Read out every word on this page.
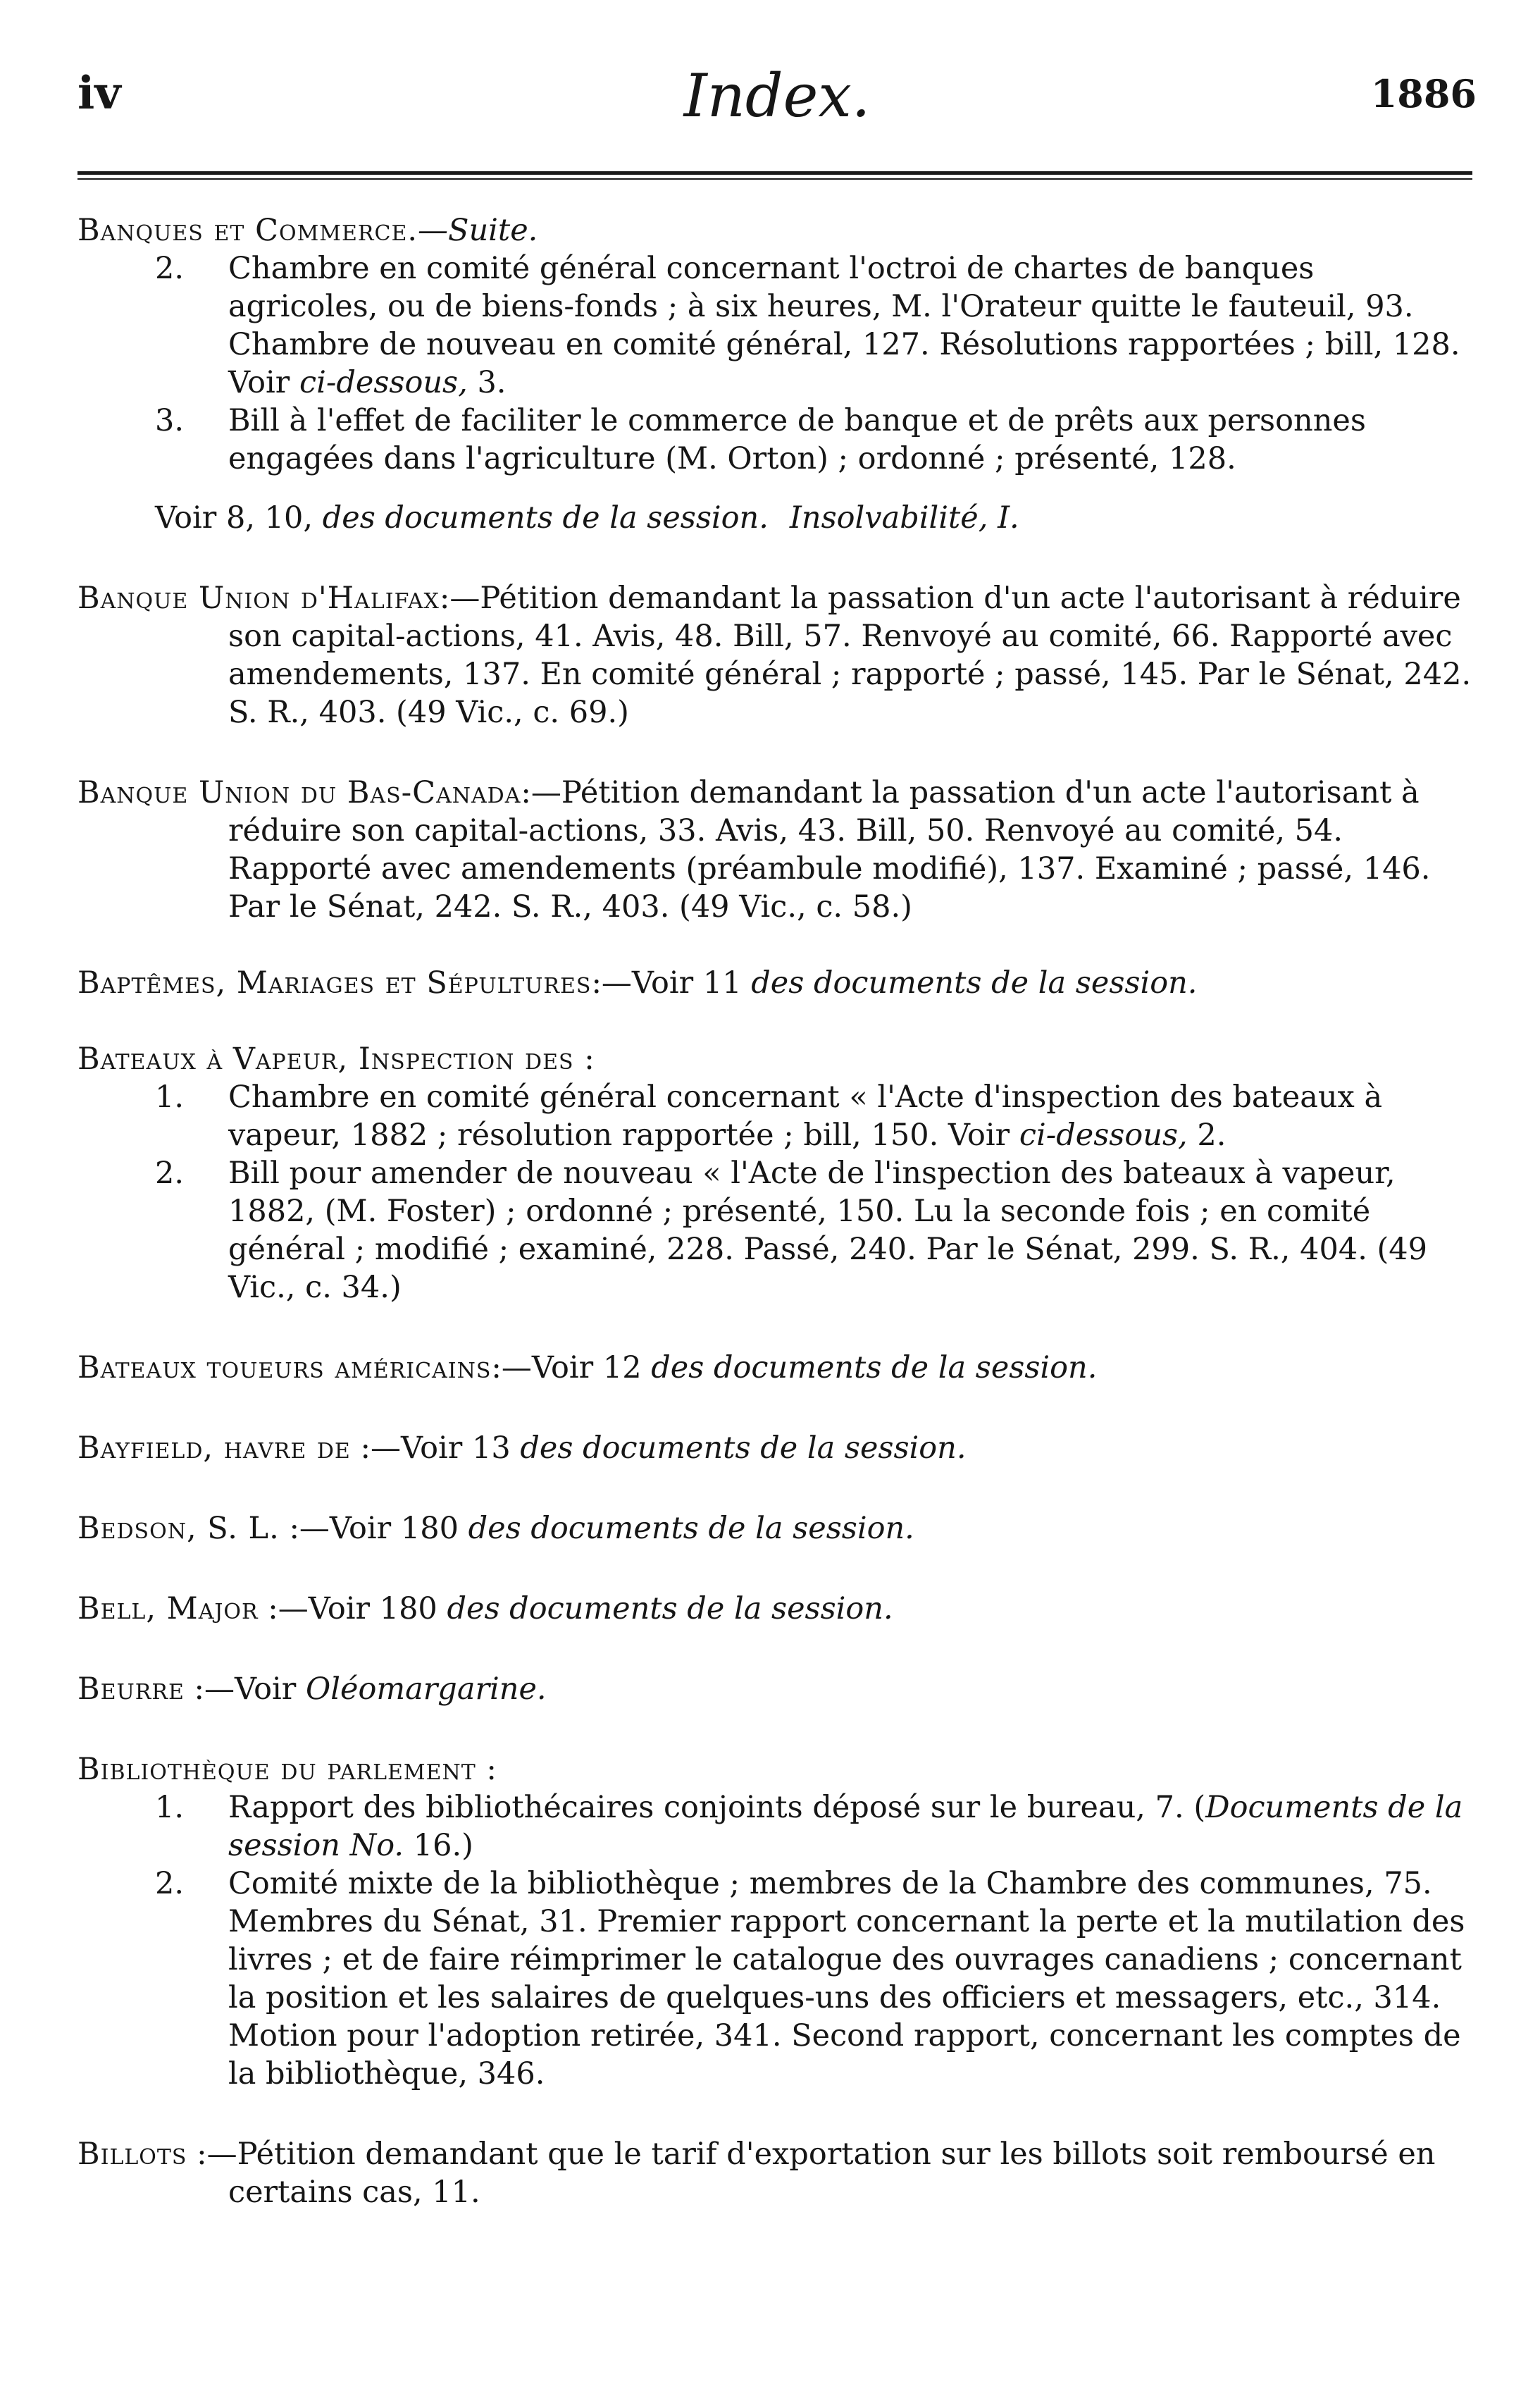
iv	Index.	1886

Banques et Commerce.—Suite.

2. Chambre en comité général concernant l'octroi de chartes de banques agricoles, ou de biens-fonds ; à six heures, M. l'Orateur quitte le fauteuil, 93. Chambre de nouveau en comité général, 127. Résolutions rapportées ; bill, 128. Voir ci-dessous, 3.

3. Bill à l'effet de faciliter le commerce de banque et de prêts aux personnes engagées dans l'agriculture (M. Orton) ; ordonné ; présenté, 128.

Voir 8, 10, des documents de la session. Insolvabilité, I.

Banque Union d'Halifax:—Pétition demandant la passation d'un acte l'autorisant à réduire son capital-actions, 41. Avis, 48. Bill, 57. Renvoyé au comité, 66. Rapporté avec amendements, 137. En comité général ; rapporté ; passé, 145. Par le Sénat, 242. S. R., 403. (49 Vic., c. 69.)

Banque Union du Bas-Canada:—Pétition demandant la passation d'un acte l'autorisant à réduire son capital-actions, 33. Avis, 43. Bill, 50. Renvoyé au comité, 54. Rapporté avec amendements (préambule modifié), 137. Examiné ; passé, 146. Par le Sénat, 242. S. R., 403. (49 Vic., c. 58.)

Baptêmes, Mariages et Sépultures:—Voir 11 des documents de la session.

Bateaux à Vapeur, Inspection des :

1. Chambre en comité général concernant « l'Acte d'inspection des bateaux à vapeur, 1882 ; résolution rapportée ; bill, 150. Voir ci-dessous, 2.

2. Bill pour amender de nouveau « l'Acte de l'inspection des bateaux à vapeur, 1882, (M. Foster) ; ordonné ; présenté, 150. Lu la seconde fois ; en comité général ; modifié ; examiné, 228. Passé, 240. Par le Sénat, 299. S. R., 404. (49 Vic., c. 34.)

Bateaux toueurs américains:—Voir 12 des documents de la session.

Bayfield, havre de :—Voir 13 des documents de la session.

Bedson, S. L. :—Voir 180 des documents de la session.

Bell, Major :—Voir 180 des documents de la session.

Beurre :—Voir Oléomargarine.

Bibliothèque du parlement :

1. Rapport des bibliothécaires conjoints déposé sur le bureau, 7. (Documents de la session No. 16.)

2. Comité mixte de la bibliothèque ; membres de la Chambre des communes, 75. Membres du Sénat, 31. Premier rapport concernant la perte et la mutilation des livres ; et de faire réimprimer le catalogue des ouvrages canadiens ; concernant la position et les salaires de quelques-uns des officiers et messagers, etc., 314. Motion pour l'adoption retirée, 341. Second rapport, concernant les comptes de la bibliothèque, 346.

Billots :—Pétition demandant que le tarif d'exportation sur les billots soit remboursé en certains cas, 11.
